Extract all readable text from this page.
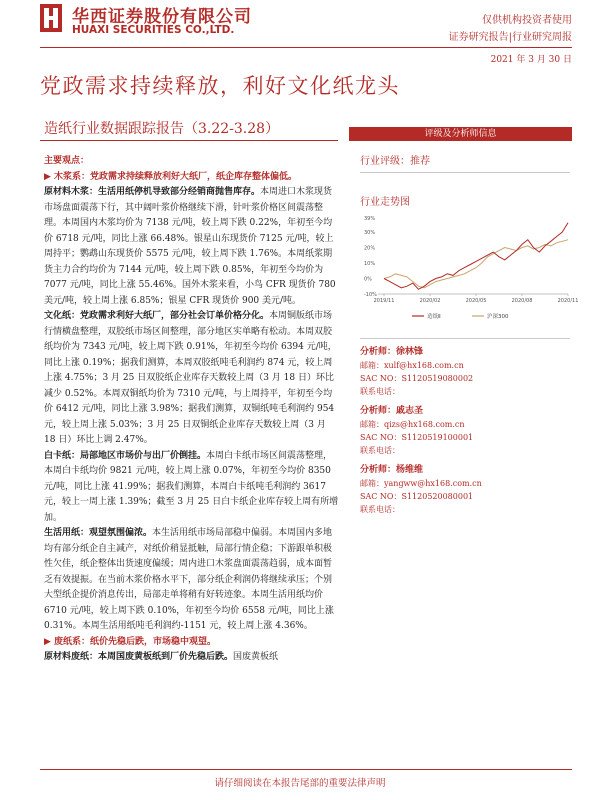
华西证券股份有限公司
HUAXI SECURITIES CO.,LTD.
仅供机构投资者使用
证券研究报告|行业研究周报
2021 年 3 月 30 日
党政需求持续释放，利好文化纸龙头
造纸行业数据跟踪报告（3.22-3.28）	评级及分析师信息
行业评级：推荐
行业走势图
-10%
0%
10%
20%
30%
39%
2019/11	2020/02	2020/05	2020/08	2020/11
造纸Ⅱ	沪深300
分析师：徐林锋
邮箱：xulf@hx168.com.cn
SAC NO：S1120519080002
联系电话：
分析师：戚志圣
邮箱：qizs@hx168.com.cn
SAC NO：S1120519100001
联系电话：
分析师：杨维维
邮箱：yangww@hx168.com.cn
SAC NO：S1120520080001
联系电话：

主要观点：

▶ 木浆系：党政需求持续释放利好大纸厂，纸企库存整体偏低。

原材料木浆：生活用纸停机导致部分经销商抛售库存。本周进口木浆现货市场盘面震荡下行，其中阔叶浆价格继续下滑，针叶浆价格区间震荡整理。本周国内木浆均价为 7138 元/吨，较上周下跌 0.22%，年初至今均价 6718 元/吨，同比上涨 66.48%。银星山东现货价 7125 元/吨，较上周持平；鹦鹉山东现货价 5575 元/吨，较上周下跌 1.76%。本周纸浆期货主力合约均价为 7144 元/吨，较上周下跌 0.85%，年初至今均价为 7077 元/吨，同比上涨 55.46%。国外木浆来看，小鸟 CFR 现货价 780 美元/吨，较上周上涨 6.85%；银星 CFR 现货价 900 美元/吨。

文化纸：党政需求利好大纸厂，部分社会订单价格分化。本周铜版纸市场行情横盘整理，双胶纸市场区间整理，部分地区实单略有松动。本周双胶纸均价为 7343 元/吨，较上周下跌 0.91%，年初至今均价 6394 元/吨，同比上涨 0.19%；据我们测算，本周双胶纸吨毛利润约 874 元，较上周上涨 4.75%；3 月 25 日双胶纸企业库存天数较上周（3 月 18 日）环比减少 0.52%。本周双铜纸均价为 7310 元/吨，与上周持平，年初至今均价 6412 元/吨，同比上涨 3.98%；据我们测算，双铜纸吨毛利润约 954 元，较上周上涨 5.03%；3 月 25 日双铜纸企业库存天数较上周（3 月 18 日）环比上调 2.47%。

白卡纸：局部地区市场价与出厂价倒挂。本周白卡纸市场区间震荡整理，本周白卡纸均价 9821 元/吨，较上周上涨 0.07%，年初至今均价 8350 元/吨，同比上涨 41.99%；据我们测算，本周白卡纸吨毛利润约 3617 元，较上一周上涨 1.39%；截至 3 月 25 日白卡纸企业库存较上周有所增加。

生活用纸：观望氛围偏浓。本生活用纸市场局部稳中偏弱。本周国内多地均有部分纸企自主减产，对纸价稍显抵触，局部行情企稳；下游跟单积极性欠佳，纸企整体出货速度偏缓；周内进口木浆盘面震荡趋弱，成本面暂乏有效提振。在当前木浆价格水平下，部分纸企利润仍将继续承压；个别大型纸企提价消息传出，局部走单将稍有好转迹象。本周生活用纸均价 6710 元/吨，较上周下跌 0.10%，年初至今均价 6558 元/吨，同比上涨 0.31%。本周生活用纸吨毛利润约-1151 元，较上周上涨 4.36%。

▶ 废纸系：纸价先稳后跌，市场稳中观望。

原材料废纸：本周国废黄板纸到厂价先稳后跌。国废黄板纸

请仔细阅读在本报告尾部的重要法律声明
